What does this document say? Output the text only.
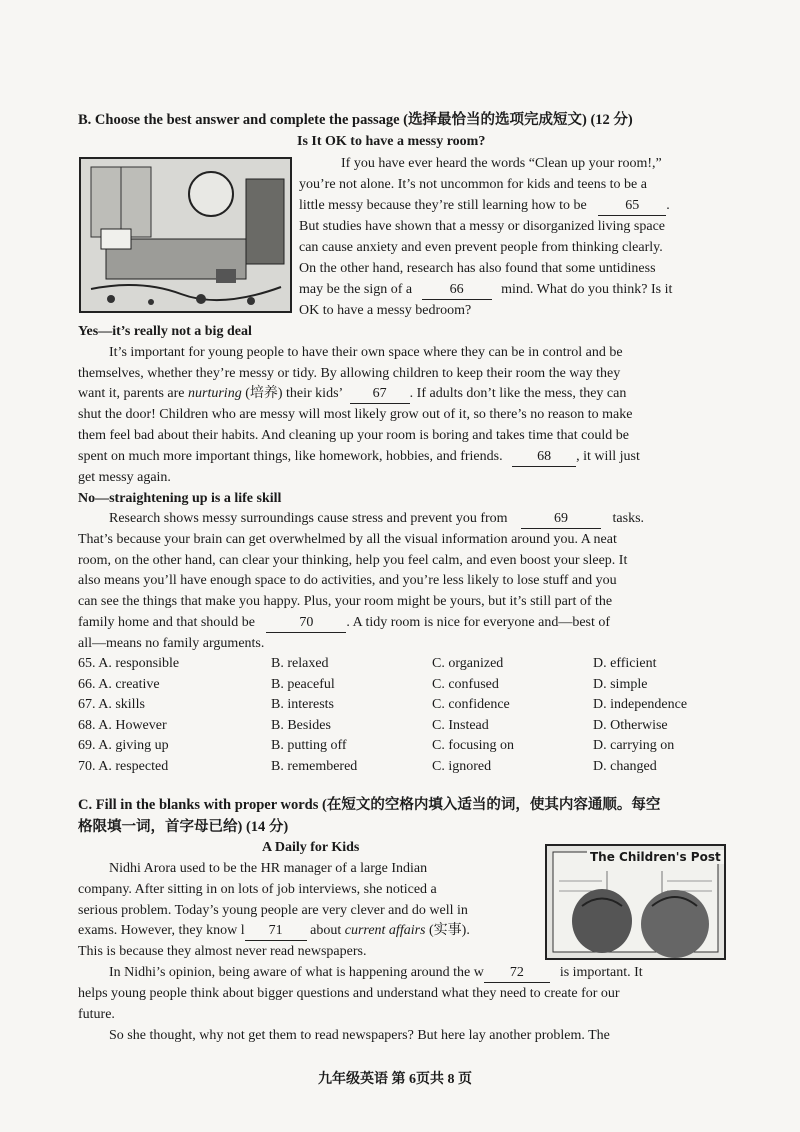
B. Choose the best answer and complete the passage (选择最恰当的选项完成短文) (12 分)
Is It OK to have a messy room?
If you have ever heard the words “Clean up your room!,”
you’re not alone. It’s not uncommon for kids and teens to be a
little messy because they’re still learning how to be	65 .
But studies have shown that a messy or disorganized living space
can cause anxiety and even prevent people from thinking clearly.
On the other hand, research has also found that some untidiness
may be the sign of a	66	mind. What do you think? Is it
OK to have a messy bedroom?
Yes—it’s really not a big deal
It’s important for young people to have their own space where they can be in control and be
themselves, whether they’re messy or tidy. By allowing children to keep their room the way they
want it, parents are nurturing (培养) their kids’ 67 . If adults don’t like the mess, they can
shut the door! Children who are messy will most likely grow out of it, so there’s no reason to make
them feel bad about their habits. And cleaning up your room is boring and takes time that could be
spent on much more important things, like homework, hobbies, and friends. 68 , it will just
get messy again.
No—straightening up is a life skill
Research shows messy surroundings cause stress and prevent you from	69	tasks.
That’s because your brain can get overwhelmed by all the visual information around you. A neat
room, on the other hand, can clear your thinking, help you feel calm, and even boost your sleep. It
also means you’ll have enough space to do activities, and you’re less likely to lose stuff and you
can see the things that make you happy. Plus, your room might be yours, but it’s still part of the
family home and that should be	70 . A tidy room is nice for everyone and—best of
all—means no family arguments.
65. A. responsible	B. relaxed	C. organized	D. efficient
66. A. creative	B. peaceful	C. confused	D. simple
67. A. skills	B. interests	C. confidence	D. independence
68. A. However	B. Besides	C. Instead	D. Otherwise
69. A. giving up	B. putting off	C. focusing on	D. carrying on
70. A. respected	B. remembered	C. ignored	D. changed
C. Fill in the blanks with proper words (在短文的空格内填入适当的词，使其内容通顺。每空
格限填一词，首字母已给) (14 分)
A Daily for Kids
The Children's Post
Nidhi Arora used to be the HR manager of a large Indian
company. After sitting in on lots of job interviews, she noticed a
serious problem. Today’s young people are very clever and do well in
exams. However, they know l 71 about current affairs (实事).
This is because they almost never read newspapers.
In Nidhi’s opinion, being aware of what is happening around the w 72	is important. It
helps young people think about bigger questions and understand what they need to create for our
future.
So she thought, why not get them to read newspapers? But here lay another problem. The
九年级英语 第 6页共 8 页
